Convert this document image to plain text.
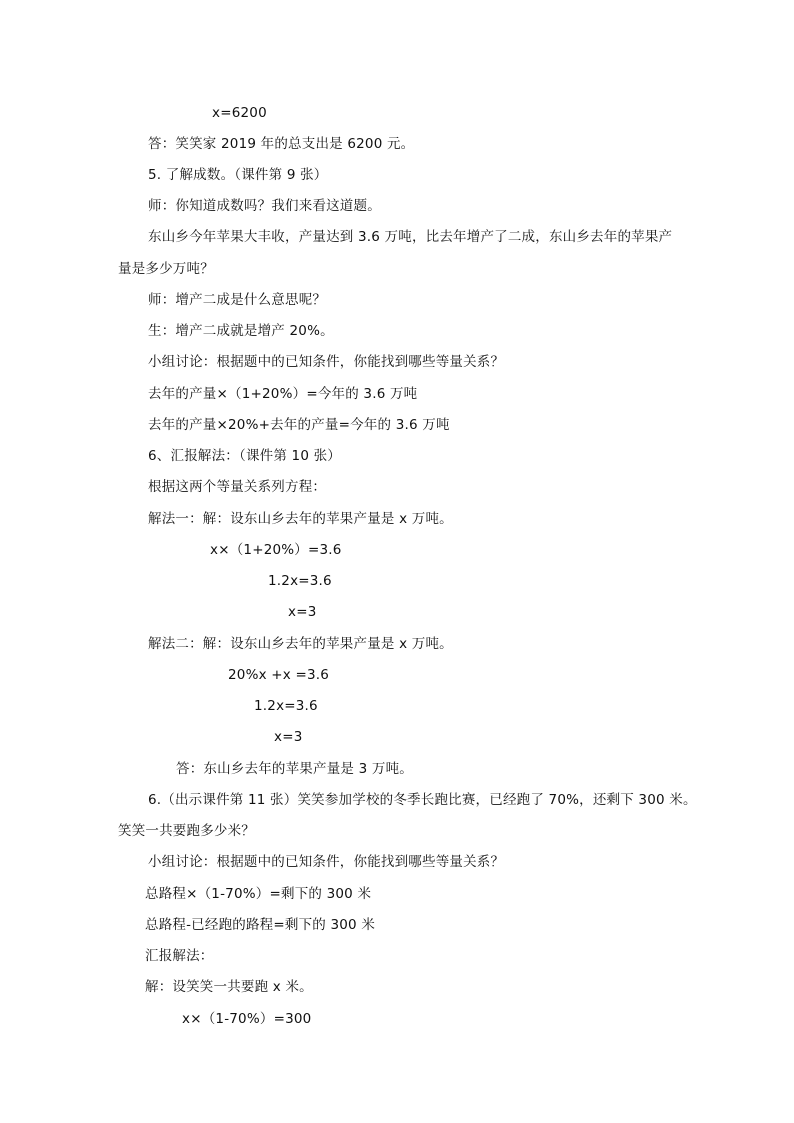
x=6200
答：笑笑家 2019 年的总支出是 6200 元。
5. 了解成数。（课件第 9 张）
师：你知道成数吗？我们来看这道题。
东山乡今年苹果大丰收，产量达到 3.6 万吨，比去年增产了二成，东山乡去年的苹果产
量是多少万吨？
师：增产二成是什么意思呢？
生：增产二成就是增产 20%。
小组讨论：根据题中的已知条件，你能找到哪些等量关系？
去年的产量×（1+20%）=今年的 3.6 万吨
去年的产量×20%+去年的产量=今年的 3.6 万吨
6、汇报解法：（课件第 10 张）
根据这两个等量关系列方程：
解法一：解：设东山乡去年的苹果产量是 x 万吨。
x×（1+20%）=3.6
1.2x=3.6
x=3
解法二：解：设东山乡去年的苹果产量是 x 万吨。
20%x +x =3.6
1.2x=3.6
x=3
答：东山乡去年的苹果产量是 3 万吨。
6.（出示课件第 11 张）笑笑参加学校的冬季长跑比赛，已经跑了 70%，还剩下 300 米。
笑笑一共要跑多少米？
小组讨论：根据题中的已知条件，你能找到哪些等量关系？
总路程×（1-70%）=剩下的 300 米
总路程-已经跑的路程=剩下的 300 米
汇报解法：
解：设笑笑一共要跑 x 米。
x×（1-70%）=300
